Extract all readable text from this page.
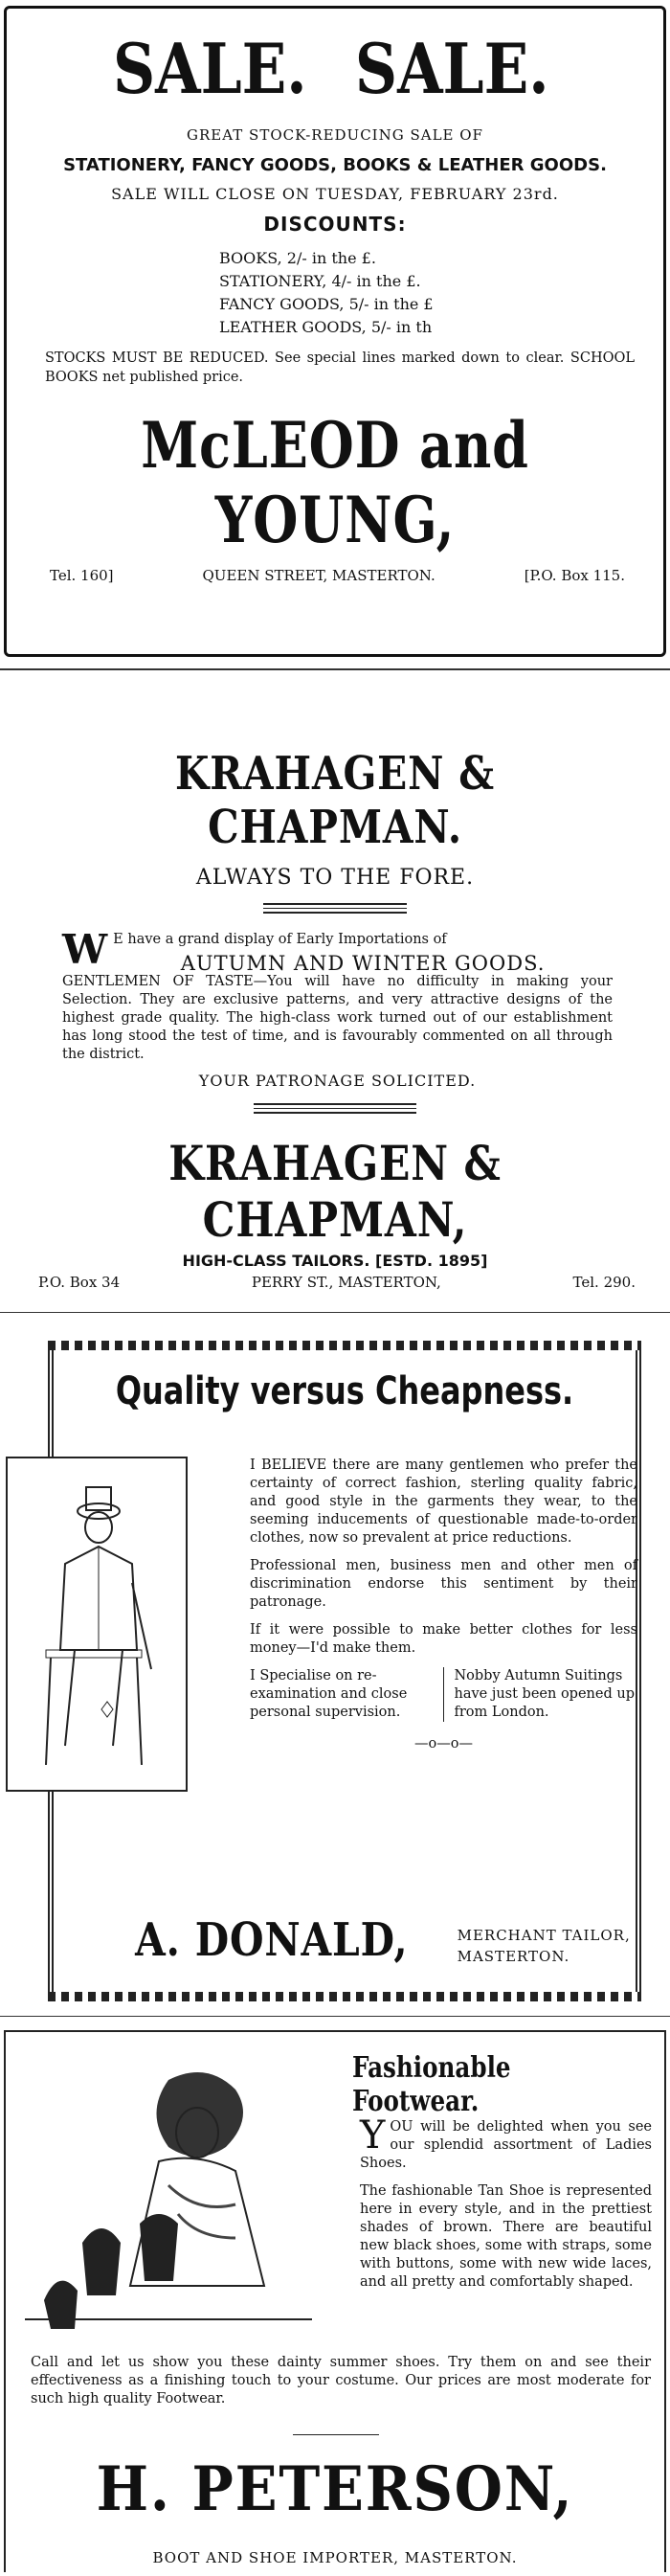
SALE. SALE.
GREAT STOCK-REDUCING SALE OF
STATIONERY, FANCY GOODS, BOOKS & LEATHER GOODS.
SALE WILL CLOSE ON TUESDAY, FEBRUARY 23rd.
DISCOUNTS:
BOOKS, 2/- in the £.
STATIONERY, 4/- in the £.
FANCY GOODS, 5/- in the £
LEATHER GOODS, 5/- in th
STOCKS MUST BE REDUCED. See special lines marked down to clear. SCHOOL BOOKS net published price.
McLEOD and YOUNG,
Tel. 160]	QUEEN STREET, MASTERTON.	[P.O. Box 115.
KRAHAGEN & CHAPMAN.
ALWAYS TO THE FORE.
W E have a grand display of Early Importations of
AUTUMN AND WINTER GOODS.
GENTLEMEN OF TASTE—You will have no difficulty in making your Selection. They are exclusive patterns, and very attractive designs of the highest grade quality. The high-class work turned out of our establishment has long stood the test of time, and is favourably commented on all through the district.
YOUR PATRONAGE SOLICITED.
KRAHAGEN & CHAPMAN,
HIGH-CLASS TAILORS. [ESTD. 1895]
P.O. Box 34	PERRY ST., MASTERTON,	Tel. 290.
Quality versus Cheapness.

I BELIEVE there are many gentlemen who prefer the certainty of correct fashion, sterling quality fabric, and good style in the garments they wear, to the seeming inducements of questionable made-to-order clothes, now so prevalent at price reductions.

Professional men, business men and other men of discrimination endorse this sentiment by their patronage.

If it were possible to make better clothes for less money—I'd make them.

I Specialise on re-examination and close personal supervision.
Nobby Autumn Suitings have just been opened up from London.
—o—o—
A. DONALD,	MERCHANT TAILOR,
MASTERTON.
Fashionable Footwear.

YOU will be delighted when you see our splendid assortment of Ladies Shoes.

The fashionable Tan Shoe is represented here in every style, and in the prettiest shades of brown. There are beautiful new black shoes, some with straps, some with buttons, some with new wide laces, and all pretty and comfortably shaped.

Call and let us show you these dainty summer shoes. Try them on and see their effectiveness as a finishing touch to your costume. Our prices are most moderate for such high quality Footwear.
H. PETERSON,
BOOT AND SHOE IMPORTER, MASTERTON.
